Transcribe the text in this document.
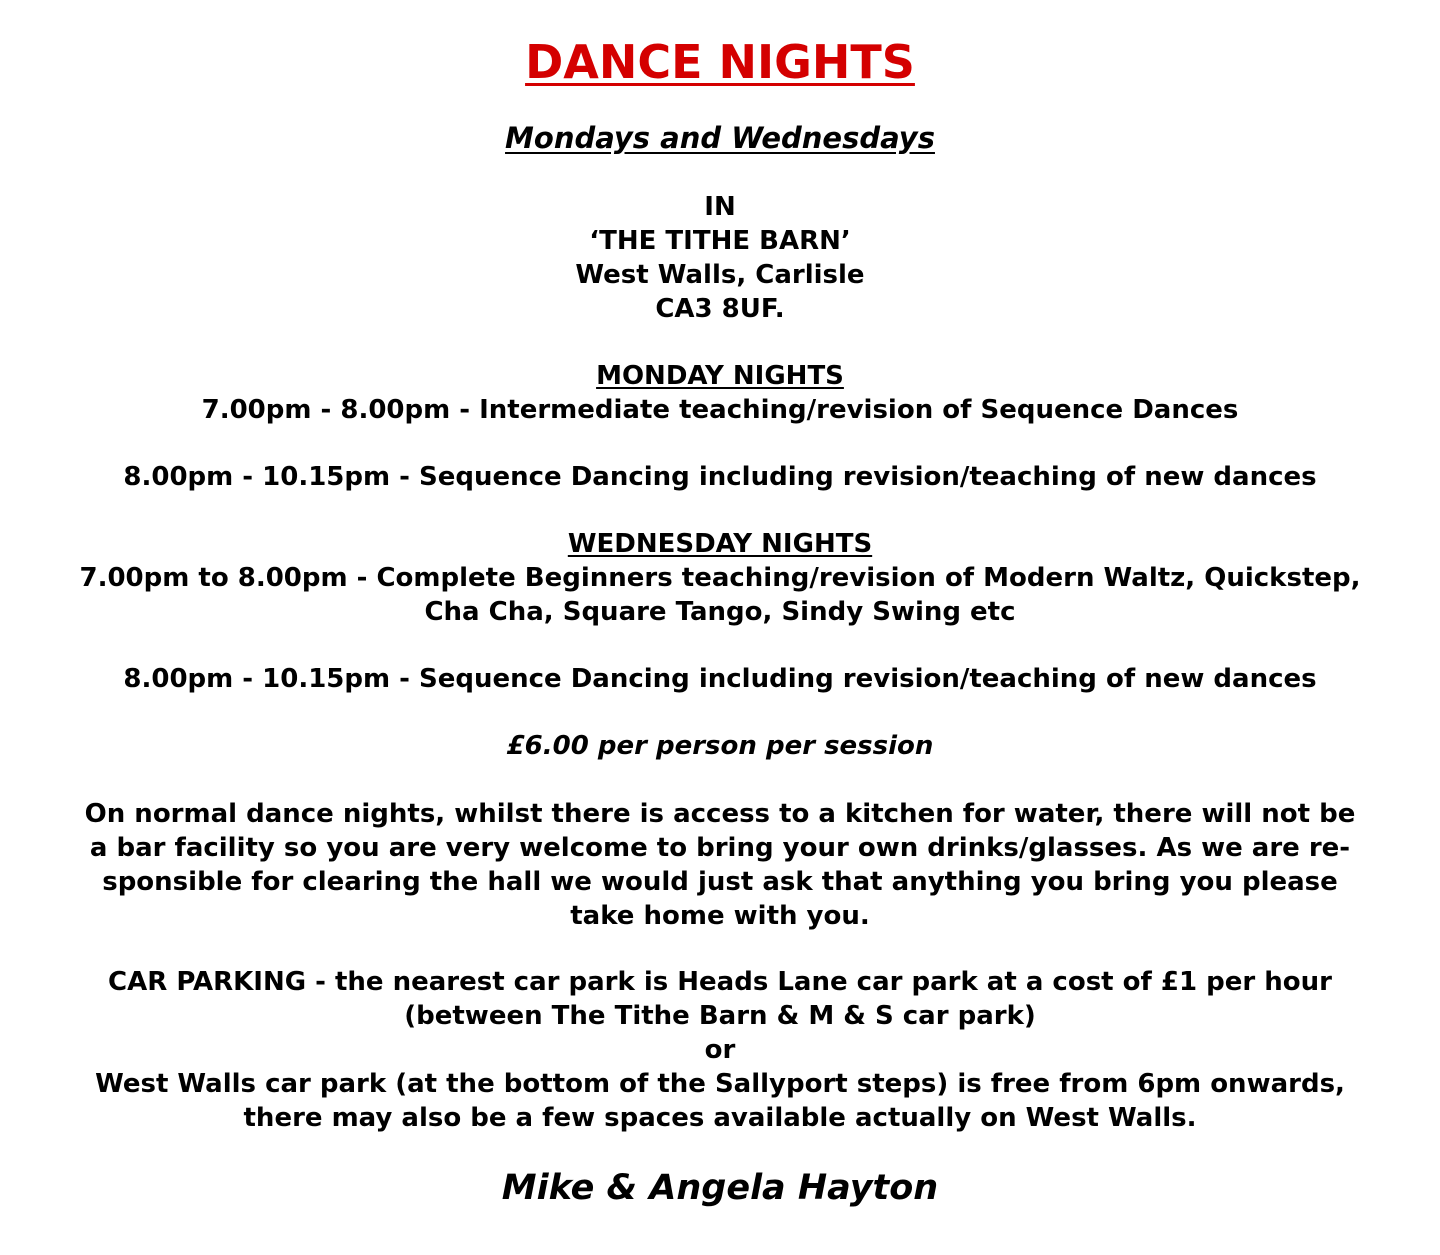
DANCE NIGHTS
Mondays and Wednesdays
IN
‘THE TITHE BARN’
West Walls, Carlisle
CA3 8UF.
MONDAY NIGHTS
7.00pm - 8.00pm - Intermediate teaching/revision of Sequence Dances
8.00pm - 10.15pm - Sequence Dancing including revision/teaching of new dances
WEDNESDAY NIGHTS
7.00pm to 8.00pm - Complete Beginners teaching/revision of Modern Waltz, Quickstep,
Cha Cha, Square Tango, Sindy Swing etc
8.00pm - 10.15pm - Sequence Dancing including revision/teaching of new dances
£6.00 per person per session
On normal dance nights, whilst there is access to a kitchen for water, there will not be
a bar facility so you are very welcome to bring your own drinks/glasses. As we are re-
sponsible for clearing the hall we would just ask that anything you bring you please
take home with you.
CAR PARKING - the nearest car park is Heads Lane car park at a cost of £1 per hour
(between The Tithe Barn & M & S car park)
or
West Walls car park (at the bottom of the Sallyport steps) is free from 6pm onwards,
there may also be a few spaces available actually on West Walls.
Mike & Angela Hayton
